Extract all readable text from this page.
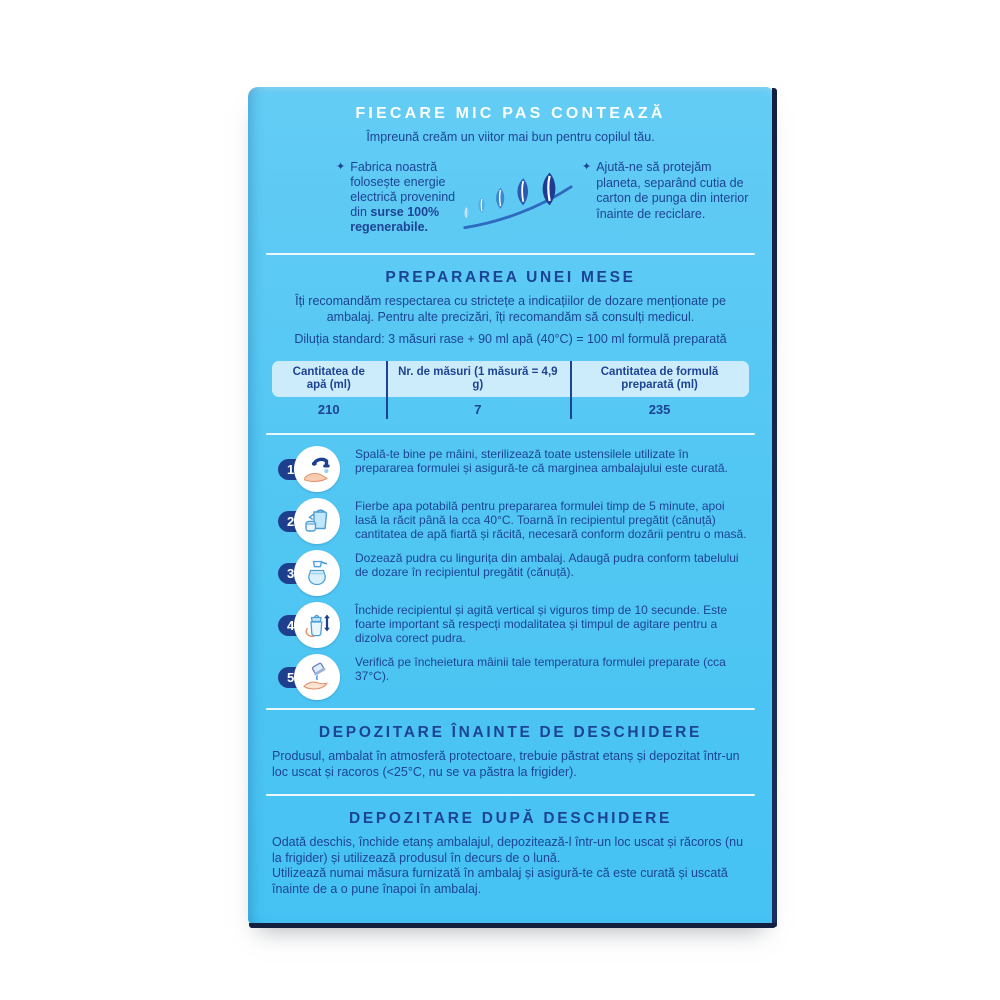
FIECARE MIC PAS CONTEAZĂ
Împreună creăm un viitor mai bun pentru copilul tău.
✦ Fabrica noastră folosește energie electrică provenind din surse 100% regenerabile.
✦ Ajută-ne să protejăm planeta, separând cutia de carton de punga din interior înainte de reciclare.
PREPARAREA UNEI MESE
Îți recomandăm respectarea cu strictețe a indicațiilor de dozare menționate pe ambalaj. Pentru alte precizări, îți recomandăm să consulți medicul.
Diluția standard: 3 măsuri rase + 90 ml apă (40°C) = 100 ml formulă preparată
Cantitatea de apă (ml)
Nr. de măsuri (1 măsură = 4,9 g)
Cantitatea de formulă preparată (ml)
210	7	235
1
Spală-te bine pe mâini, sterilizează toate ustensilele utilizate în prepararea formulei și asigură-te că marginea ambalajului este curată.
2
Fierbe apa potabilă pentru prepararea formulei timp de 5 minute, apoi lasă la răcit până la cca 40°C. Toarnă în recipientul pregătit (cănuță) cantitatea de apă fiartă și răcită, necesară conform dozării pentru o masă.
3
Dozează pudra cu lingurița din ambalaj. Adaugă pudra conform tabelului de dozare în recipientul pregătit (cănuță).
4
Închide recipientul și agită vertical și viguros timp de 10 secunde. Este foarte important să respecți modalitatea și timpul de agitare pentru a dizolva corect pudra.
5
Verifică pe încheietura mâinii tale temperatura formulei preparate (cca 37°C).
DEPOZITARE ÎNAINTE DE DESCHIDERE
Produsul, ambalat în atmosferă protectoare, trebuie păstrat etanș și depozitat într-un loc uscat și racoros (<25°C, nu se va păstra la frigider).
DEPOZITARE DUPĂ DESCHIDERE

Odată deschis, închide etanș ambalajul, depozitează-l într-un loc uscat și răcoros (nu la frigider) și utilizează produsul în decurs de o lună.

Utilizează numai măsura furnizată în ambalaj și asigură-te că este curată și uscată înainte de a o pune înapoi în ambalaj.
